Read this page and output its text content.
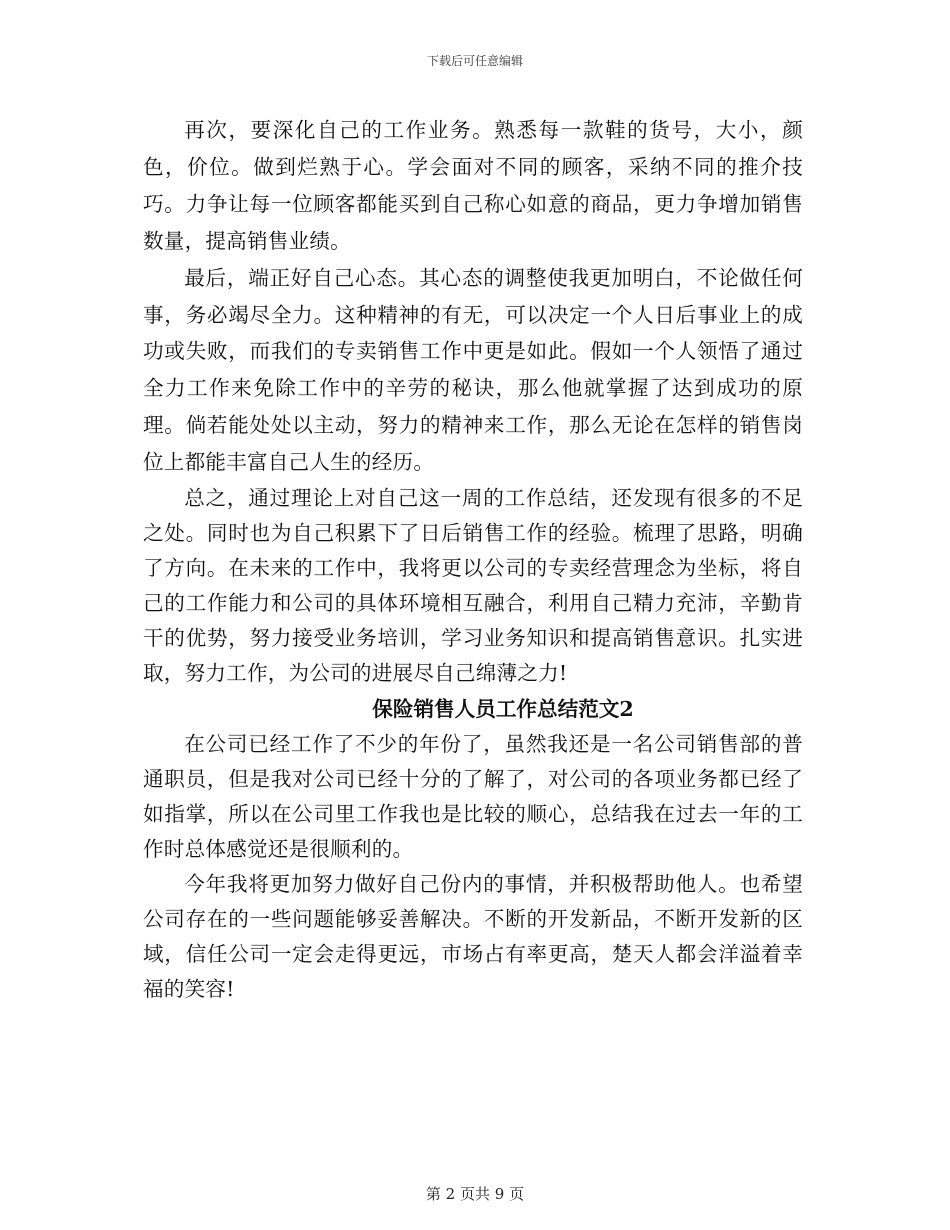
下载后可任意编辑

再次，要深化自己的工作业务。熟悉每一款鞋的货号，大小，颜色，价位。做到烂熟于心。学会面对不同的顾客，采纳不同的推介技巧。力争让每一位顾客都能买到自己称心如意的商品，更力争增加销售数量，提高销售业绩。

最后，端正好自己心态。其心态的调整使我更加明白，不论做任何事，务必竭尽全力。这种精神的有无，可以决定一个人日后事业上的成功或失败，而我们的专卖销售工作中更是如此。假如一个人领悟了通过全力工作来免除工作中的辛劳的秘诀，那么他就掌握了达到成功的原理。倘若能处处以主动，努力的精神来工作，那么无论在怎样的销售岗位上都能丰富自己人生的经历。

总之，通过理论上对自己这一周的工作总结，还发现有很多的不足之处。同时也为自己积累下了日后销售工作的经验。梳理了思路，明确了方向。在未来的工作中，我将更以公司的专卖经营理念为坐标，将自己的工作能力和公司的具体环境相互融合，利用自己精力充沛，辛勤肯干的优势，努力接受业务培训，学习业务知识和提高销售意识。扎实进取，努力工作，为公司的进展尽自己绵薄之力!

保险销售人员工作总结范文2

在公司已经工作了不少的年份了，虽然我还是一名公司销售部的普通职员，但是我对公司已经十分的了解了，对公司的各项业务都已经了如指掌，所以在公司里工作我也是比较的顺心，总结我在过去一年的工作时总体感觉还是很顺利的。

今年我将更加努力做好自己份内的事情，并积极帮助他人。也希望公司存在的一些问题能够妥善解决。不断的开发新品，不断开发新的区域，信任公司一定会走得更远，市场占有率更高，楚天人都会洋溢着幸福的笑容!

第 2 页共 9 页
